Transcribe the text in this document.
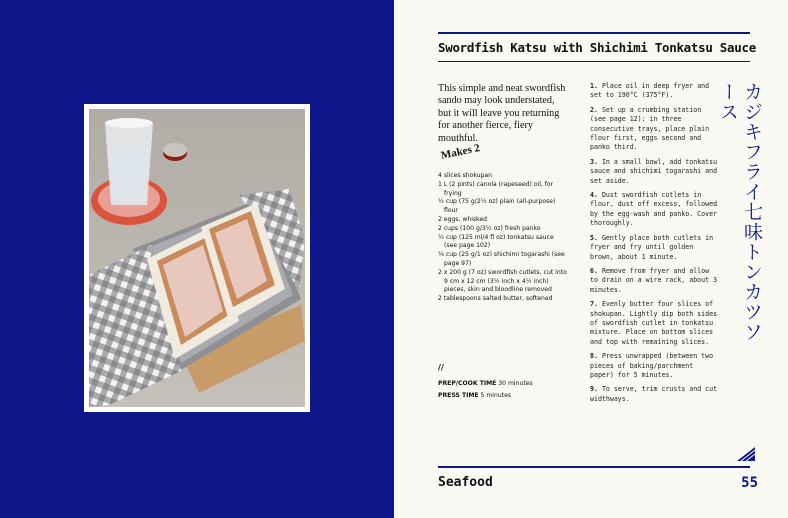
Swordfish Katsu with Shichimi Tonkatsu Sauce
This simple and neat swordfish sando may look understated, but it will leave you returning for another fierce, fiery mouthful.
Makes 2
4 slices shokupan
1 L (2 pints) canola (rapeseed) oil, for frying
½ cup (75 g/2½ oz) plain (all-purpose) flour
2 eggs, whisked
2 cups (100 g/3½ oz) fresh panko
½ cup (125 ml/4 fl oz) tonkatsu sauce (see page 102)
⅛ cup (25 g/1 oz) shichimi togarashi (see page 97)
2 x 200 g (7 oz) swordfish cutlets, cut into 9 cm x 12 cm (3½ inch x 4½ inch) pieces, skin and bloodline removed
2 tablespoons salted butter, softened
//
PREP/COOK TIME 30 minutes
PRESS TIME 5 minutes
1. Place oil in deep fryer and set to 190°C (375°F).
2. Set up a crumbing station (see page 12): in three consecutive trays, place plain flour first, eggs second and panko third.
3. In a small bowl, add tonkatsu sauce and shichimi togarashi and set aside.
4. Dust swordfish cutlets in flour, dust off excess, followed by the egg-wash and panko. Cover thoroughly.
5. Gently place both cutlets in fryer and fry until golden brown, about 1 minute.
6. Remove from fryer and allow to drain on a wire rack, about 3 minutes.
7. Evenly butter four slices of shokupan. Lightly dip both sides of swordfish cutlet in tonkatsu mixture. Place on bottom slices and top with remaining slices.
8. Press unwrapped (between two pieces of baking/parchment paper) for 5 minutes.
9. To serve, trim crusts and cut widthways.
カジキフライ七味トンカツソ　ース
Seafood	55
